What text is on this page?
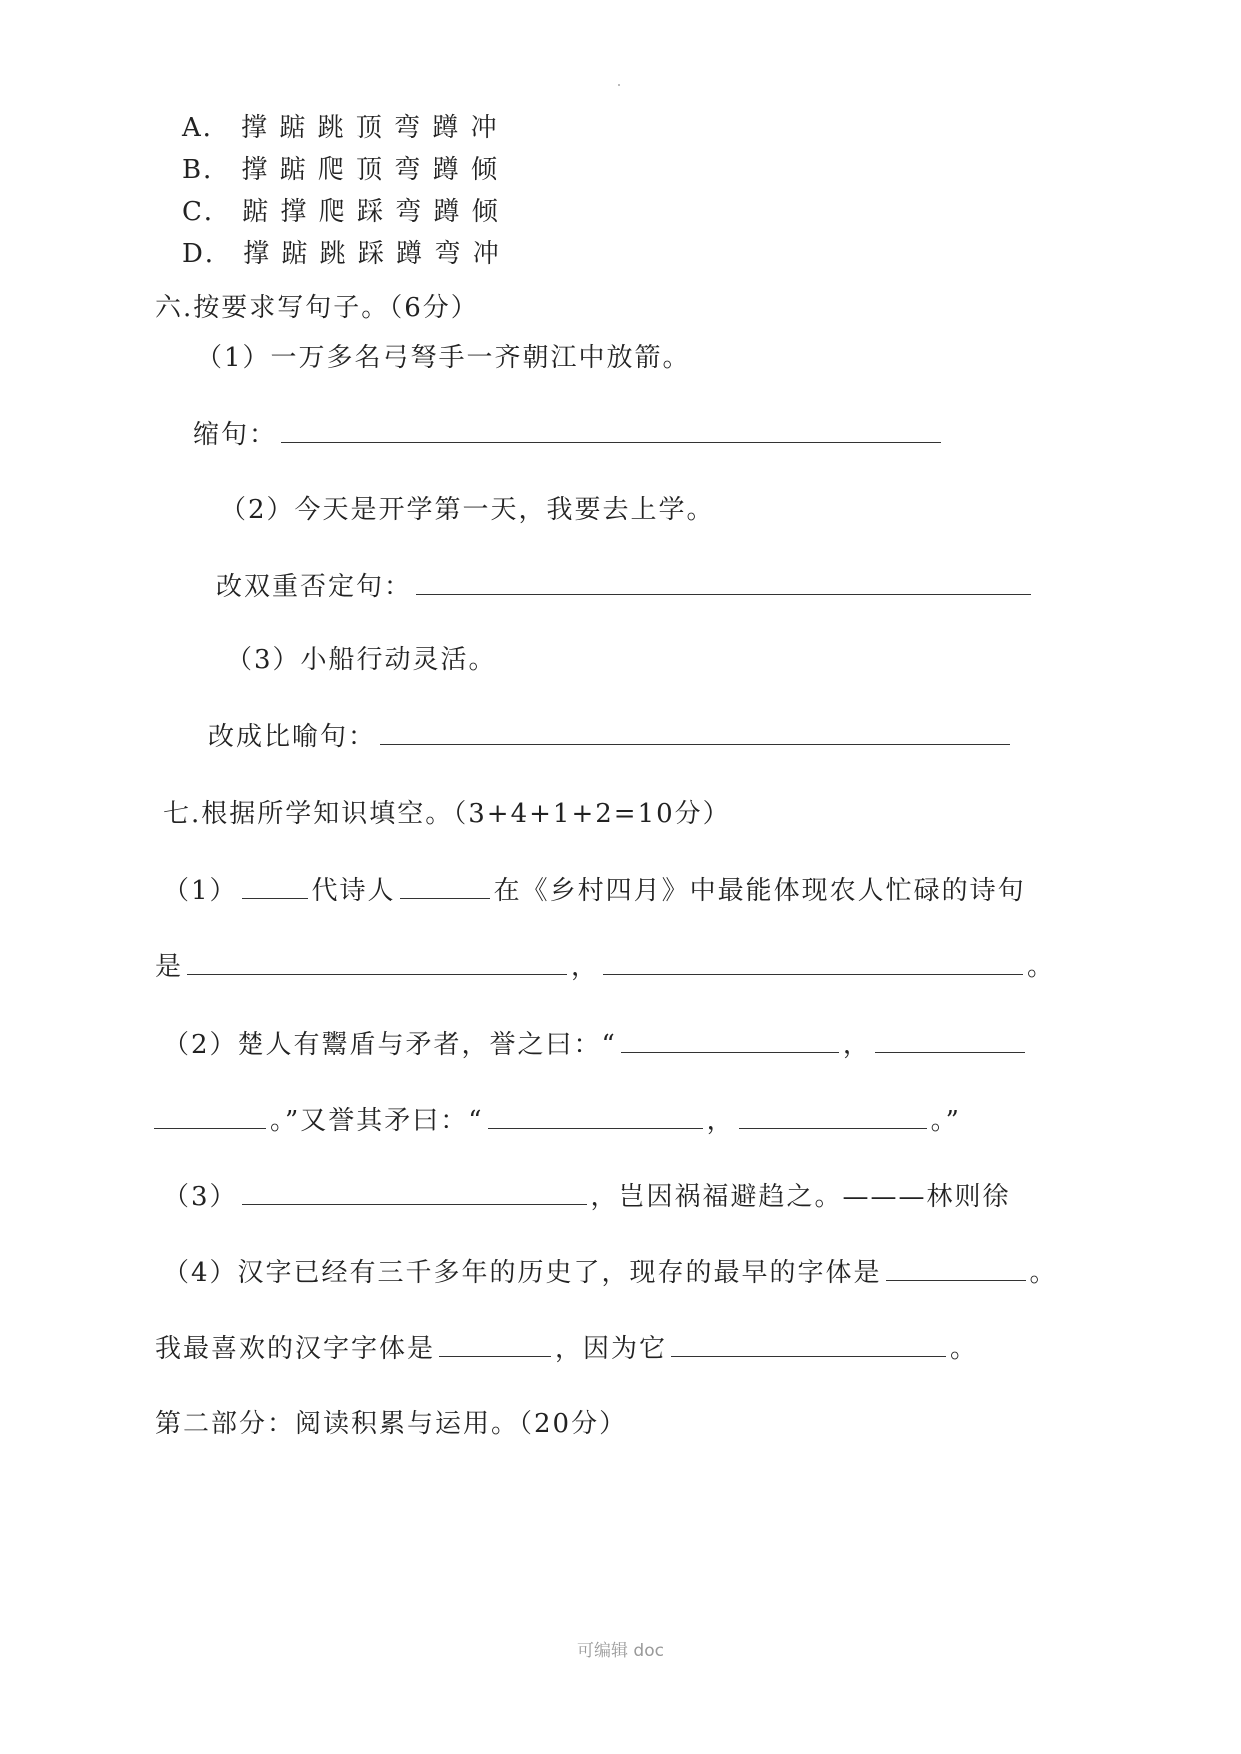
A． 撑 踮 跳 顶 弯 蹲 冲
B． 撑 踮 爬 顶 弯 蹲 倾
C． 踮 撑 爬 踩 弯 蹲 倾
D． 撑 踮 跳 踩 蹲 弯 冲
六.按要求写句子。（6分）
（1）一万多名弓弩手一齐朝江中放箭。
缩句：
（2）今天是开学第一天，我要去上学。
改双重否定句：
（3）小船行动灵活。
改成比喻句：
七.根据所学知识填空。（3+4+1+2=10分）
（1）	代诗人	在《乡村四月》中最能体现农人忙碌的诗句
是	，	。
（2）楚人有鬻盾与矛者，誉之曰：“	，
。”又誉其矛曰：“	，	。”
（3）	，岂因祸福避趋之。———林则徐
（4）汉字已经有三千多年的历史了，现存的最早的字体是	。
我最喜欢的汉字字体是	，因为它	。
第二部分：阅读积累与运用。（20分）
可编辑 doc
